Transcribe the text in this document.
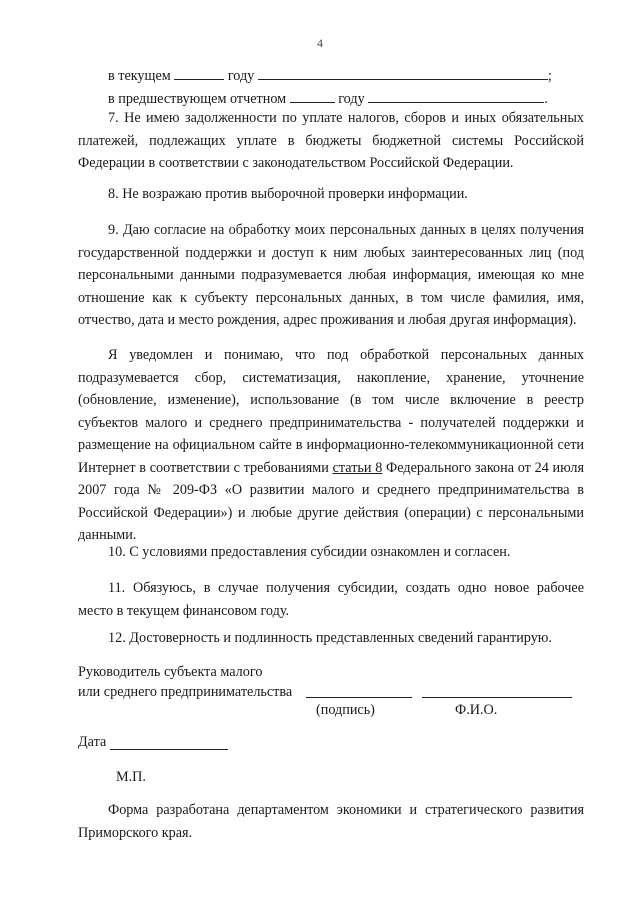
4
в текущем	году	;
в предшествующем отчетном	году	.
7. Не имею задолженности по уплате налогов, сборов и иных обязательных платежей, подлежащих уплате в бюджеты бюджетной системы Российской Федерации в соответствии с законодательством Российской Федерации.
8. Не возражаю против выборочной проверки информации.
9. Даю согласие на обработку моих персональных данных в целях получения государственной поддержки и доступ к ним любых заинтересованных лиц (под персональными данными подразумевается любая информация, имеющая ко мне отношение как к субъекту персональных данных, в том числе фамилия, имя, отчество, дата и место рождения, адрес проживания и любая другая информация).
Я уведомлен и понимаю, что под обработкой персональных данных подразумевается сбор, систематизация, накопление, хранение, уточнение (обновление, изменение), использование (в том числе включение в реестр субъектов малого и среднего предпринимательства - получателей поддержки и размещение на официальном сайте в информационно-телекоммуникационной сети Интернет в соответствии с требованиями статьи 8 Федерального закона от 24 июля 2007 года № 209-ФЗ «О развитии малого и среднего предпринимательства в Российской Федерации») и любые другие действия (операции) с персональными данными.
10. С условиями предоставления субсидии ознакомлен и согласен.
11. Обязуюсь, в случае получения субсидии, создать одно новое рабочее место в текущем финансовом году.
12. Достоверность и подлинность представленных сведений гарантирую.
Руководитель субъекта малого
или среднего предпринимательства
(подпись)	Ф.И.О.
Дата
М.П.
Форма разработана департаментом экономики и стратегического развития Приморского края.
